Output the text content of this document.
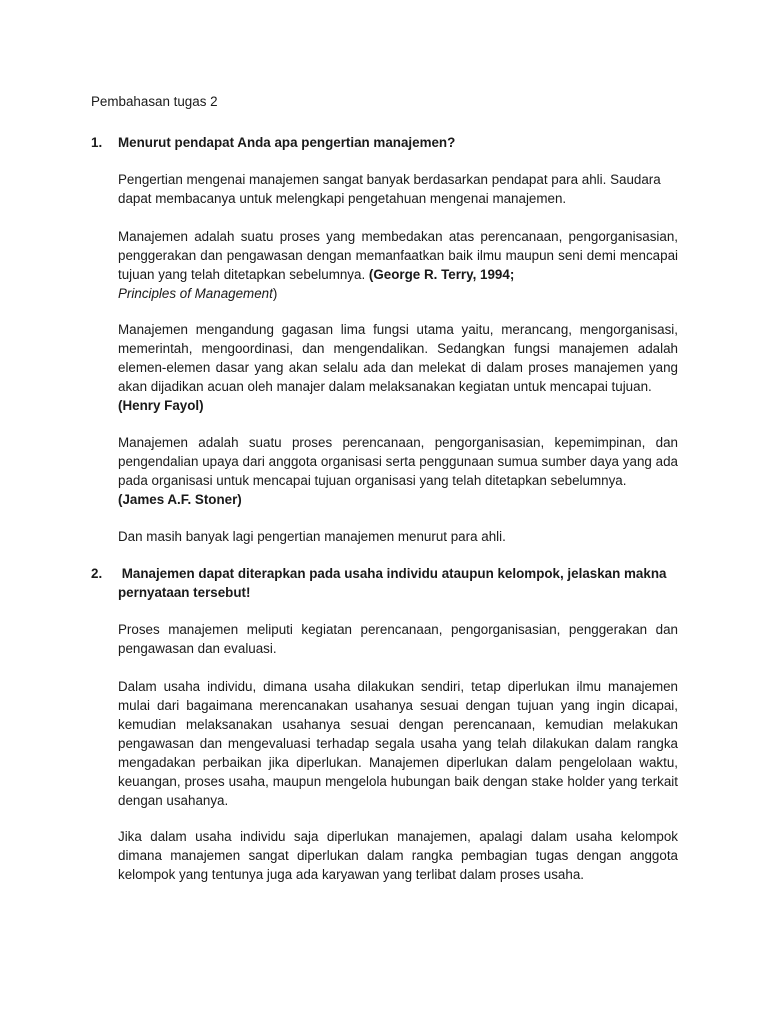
Pembahasan tugas 2
1.	Menurut pendapat Anda apa pengertian manajemen?

Pengertian mengenai manajemen sangat banyak berdasarkan pendapat para ahli. Saudara dapat membacanya untuk melengkapi pengetahuan mengenai manajemen.

Manajemen adalah suatu proses yang membedakan atas perencanaan, pengorganisasian, penggerakan dan pengawasan dengan memanfaatkan baik ilmu maupun seni demi mencapai tujuan yang telah ditetapkan sebelumnya. (George R. Terry, 1994;
Principles of Management)

Manajemen mengandung gagasan lima fungsi utama yaitu, merancang, mengorganisasi, memerintah, mengoordinasi, dan mengendalikan. Sedangkan fungsi manajemen adalah elemen-elemen dasar yang akan selalu ada dan melekat di dalam proses manajemen yang akan dijadikan acuan oleh manajer dalam melaksanakan kegiatan untuk mencapai tujuan.
(Henry Fayol)

Manajemen adalah suatu proses perencanaan, pengorganisasian, kepemimpinan, dan pengendalian upaya dari anggota organisasi serta penggunaan sumua sumber daya yang ada pada organisasi untuk mencapai tujuan organisasi yang telah ditetapkan sebelumnya.
(James A.F. Stoner)

Dan masih banyak lagi pengertian manajemen menurut para ahli.

2.	Manajemen dapat diterapkan pada usaha individu ataupun kelompok, jelaskan makna pernyataan tersebut!

Proses manajemen meliputi kegiatan perencanaan, pengorganisasian, penggerakan dan pengawasan dan evaluasi.

Dalam usaha individu, dimana usaha dilakukan sendiri, tetap diperlukan ilmu manajemen mulai dari bagaimana merencanakan usahanya sesuai dengan tujuan yang ingin dicapai, kemudian melaksanakan usahanya sesuai dengan perencanaan, kemudian melakukan pengawasan dan mengevaluasi terhadap segala usaha yang telah dilakukan dalam rangka mengadakan perbaikan jika diperlukan. Manajemen diperlukan dalam pengelolaan waktu, keuangan, proses usaha, maupun mengelola hubungan baik dengan stake holder yang terkait dengan usahanya.

Jika dalam usaha individu saja diperlukan manajemen, apalagi dalam usaha kelompok dimana manajemen sangat diperlukan dalam rangka pembagian tugas dengan anggota kelompok yang tentunya juga ada karyawan yang terlibat dalam proses usaha.
